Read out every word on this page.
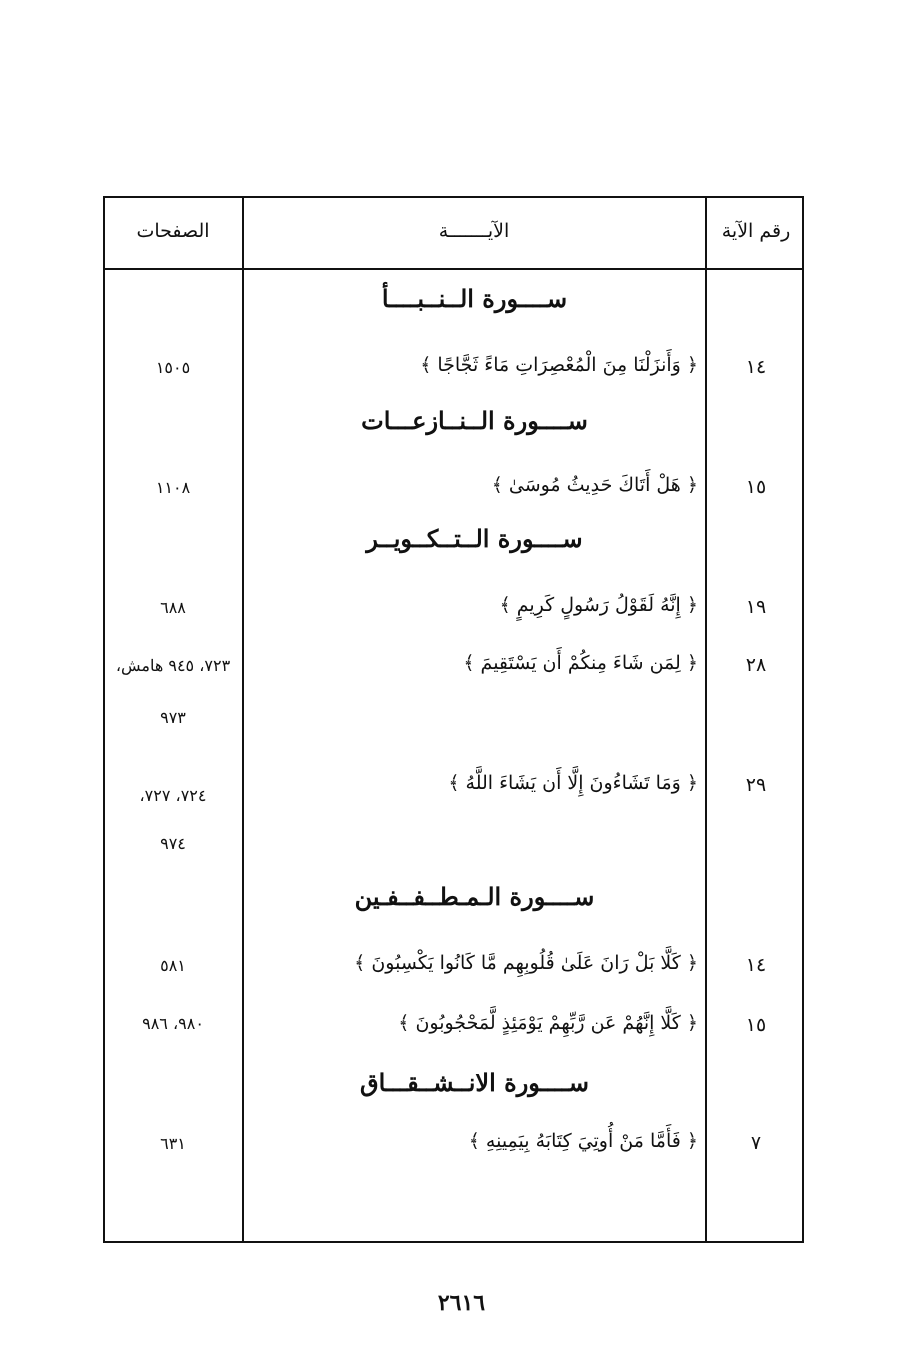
رقم الآية
الآيـــــــة
الصفحات
ســــورة الــنــبــــأ
١٤
﴿ وَأَنزَلْنَا مِنَ الْمُعْصِرَاتِ مَاءً ثَجَّاجًا ﴾
١٥٠٥
ســــورة الــنــازعـــات
١٥
﴿ هَلْ أَتَاكَ حَدِيثُ مُوسَىٰ ﴾
١١٠٨
ســــورة الــتــكــويــر
١٩
﴿ إِنَّهُ لَقَوْلُ رَسُولٍ كَرِيمٍ ﴾
٦٨٨
٢٨
﴿ لِمَن شَاءَ مِنكُمْ أَن يَسْتَقِيمَ ﴾
٧٢٣، ٩٤٥ هامش،
٩٧٣
٢٩
﴿ وَمَا تَشَاءُونَ إِلَّا أَن يَشَاءَ اللَّهُ ﴾
٧٢٤، ٧٢٧،
٩٧٤
ســــورة الـمـطــفــفـين
١٤
﴿ كَلَّا بَلْ رَانَ عَلَىٰ قُلُوبِهِم مَّا كَانُوا يَكْسِبُونَ ﴾
٥٨١
١٥
﴿ كَلَّا إِنَّهُمْ عَن رَّبِّهِمْ يَوْمَئِذٍ لَّمَحْجُوبُونَ ﴾
٩٨٠، ٩٨٦
ســــورة الانــشــقـــاق
٧
﴿ فَأَمَّا مَنْ أُوتِيَ كِتَابَهُ بِيَمِينِهِ ﴾
٦٣١
٢٦١٦
